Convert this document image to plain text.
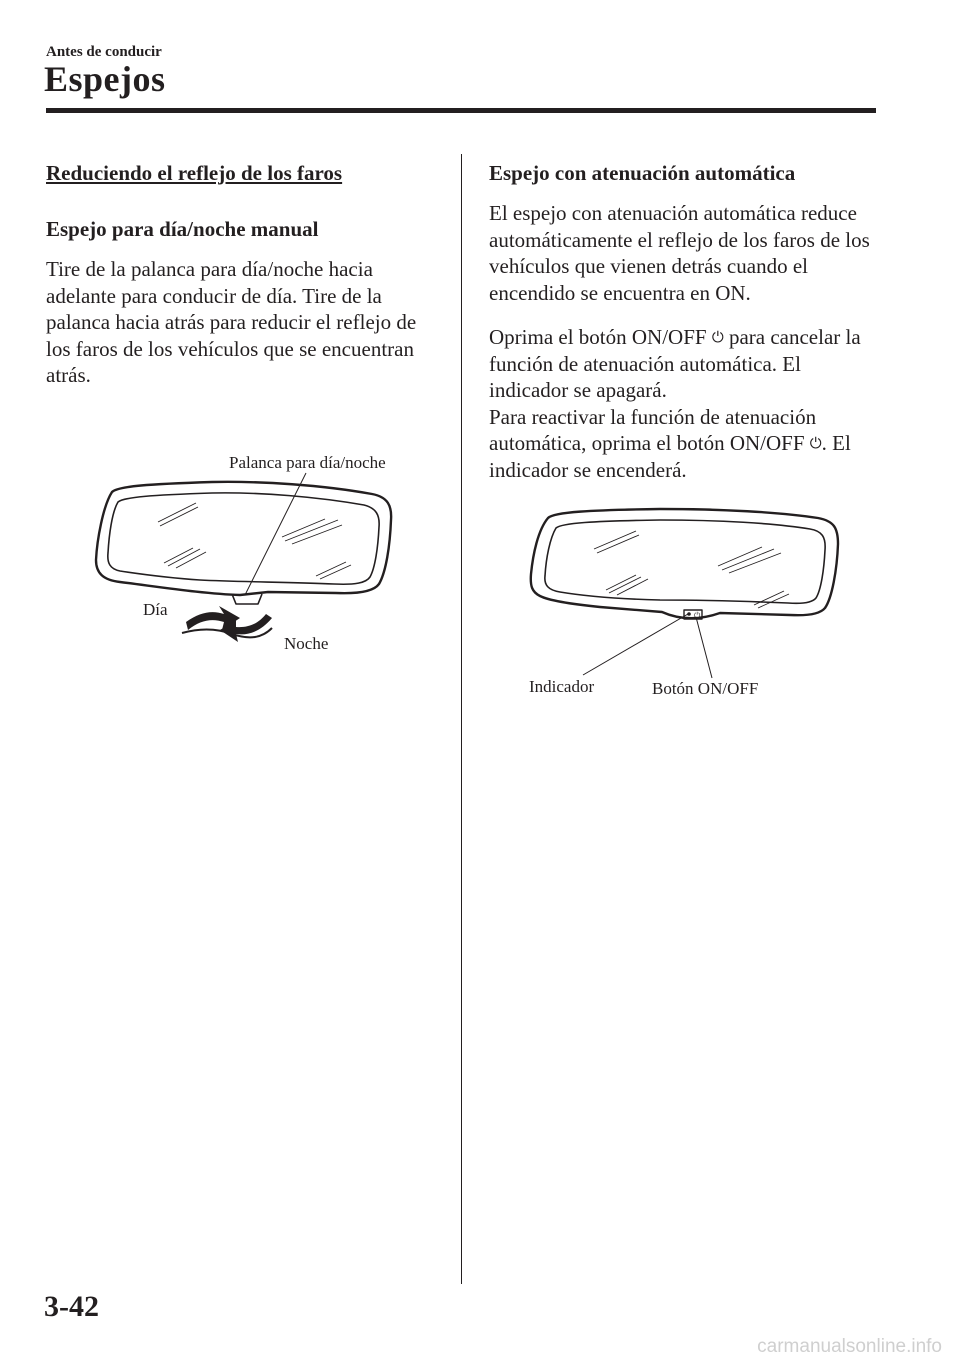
Antes de conducir
Espejos
Reduciendo el reflejo de los faros
Espejo para día/noche manual

Tire de la palanca para día/noche hacia adelante para conducir de día. Tire de la palanca hacia atrás para reducir el reflejo de los faros de los vehículos que se encuentran atrás.

Palanca para día/noche
Día
Noche
Espejo con atenuación automática

El espejo con atenuación automática reduce automáticamente el reflejo de los faros de los vehículos que vienen detrás cuando el encendido se encuentra en ON.

Oprima el botón ON/OFF ⏻ para cancelar la función de atenuación automática. El indicador se apagará.

Para reactivar la función de atenuación automática, oprima el botón ON/OFF ⏻. El indicador se encenderá.

⏻
Indicador	Botón ON/OFF
3-42
carmanualsonline.info
